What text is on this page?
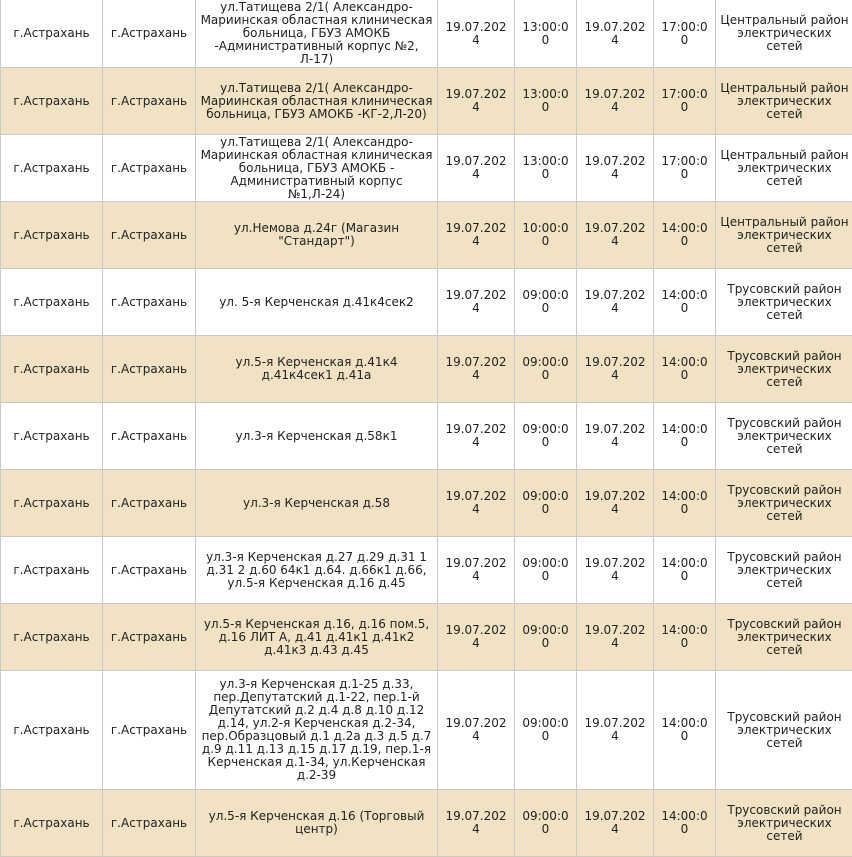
г.Астрахань	г.Астрахань	ул.Татищева 2/1( Александро-Мариинская областная клиническая больница, ГБУЗ АМОКБ -Административный корпус №2, Л-17)	19.07.2024	13:00:00	19.07.2024	17:00:00	Центральный район электрических сетей
г.Астрахань	г.Астрахань	ул.Татищева 2/1( Александро-Мариинская областная клиническая больница, ГБУЗ АМОКБ -КГ-2,Л-20)	19.07.2024	13:00:00	19.07.2024	17:00:00	Центральный район электрических сетей
г.Астрахань	г.Астрахань	ул.Татищева 2/1( Александро-Мариинская областная клиническая больница, ГБУЗ АМОКБ - Административный корпус №1,Л-24)	19.07.2024	13:00:00	19.07.2024	17:00:00	Центральный район электрических сетей
г.Астрахань	г.Астрахань	ул.Немова д.24г (Магазин "Стандарт")	19.07.2024	10:00:00	19.07.2024	14:00:00	Центральный район электрических сетей
г.Астрахань	г.Астрахань	ул. 5-я Керченская д.41к4сек2	19.07.2024	09:00:00	19.07.2024	14:00:00	Трусовский район электрических сетей
г.Астрахань	г.Астрахань	ул.5-я Керченская д.41к4 д.41к4сек1 д.41а	19.07.2024	09:00:00	19.07.2024	14:00:00	Трусовский район электрических сетей
г.Астрахань	г.Астрахань	ул.3-я Керченская д.58к1	19.07.2024	09:00:00	19.07.2024	14:00:00	Трусовский район электрических сетей
г.Астрахань	г.Астрахань	ул.3-я Керченская д.58	19.07.2024	09:00:00	19.07.2024	14:00:00	Трусовский район электрических сетей
г.Астрахань	г.Астрахань	ул.3-я Керченская д.27 д.29 д.31 1 д.31 2 д.60 64к1 д.64. д.66к1 д.66, ул.5-я Керченская д.16 д.45	19.07.2024	09:00:00	19.07.2024	14:00:00	Трусовский район электрических сетей
г.Астрахань	г.Астрахань	ул.5-я Керченская д.16, д.16 пом.5, д.16 ЛИТ А, д.41 д.41к1 д.41к2 д.41к3 д.43 д.45	19.07.2024	09:00:00	19.07.2024	14:00:00	Трусовский район электрических сетей
г.Астрахань	г.Астрахань	ул.3-я Керченская д.1-25 д.33, пер.Депутатский д.1-22, пер.1-й Депутатский д.2 д.4 д.8 д.10 д.12 д.14, ул.2-я Керченская д.2-34, пер.Образцовый д.1 д.2а д.3 д.5 д.7 д.9 д.11 д.13 д.15 д.17 д.19, пер.1-я Керченская д.1-34, ул.Керченская д.2-39	19.07.2024	09:00:00	19.07.2024	14:00:00	Трусовский район электрических сетей
г.Астрахань	г.Астрахань	ул.5-я Керченская д.16 (Торговый центр)	19.07.2024	09:00:00	19.07.2024	14:00:00	Трусовский район электрических сетей
